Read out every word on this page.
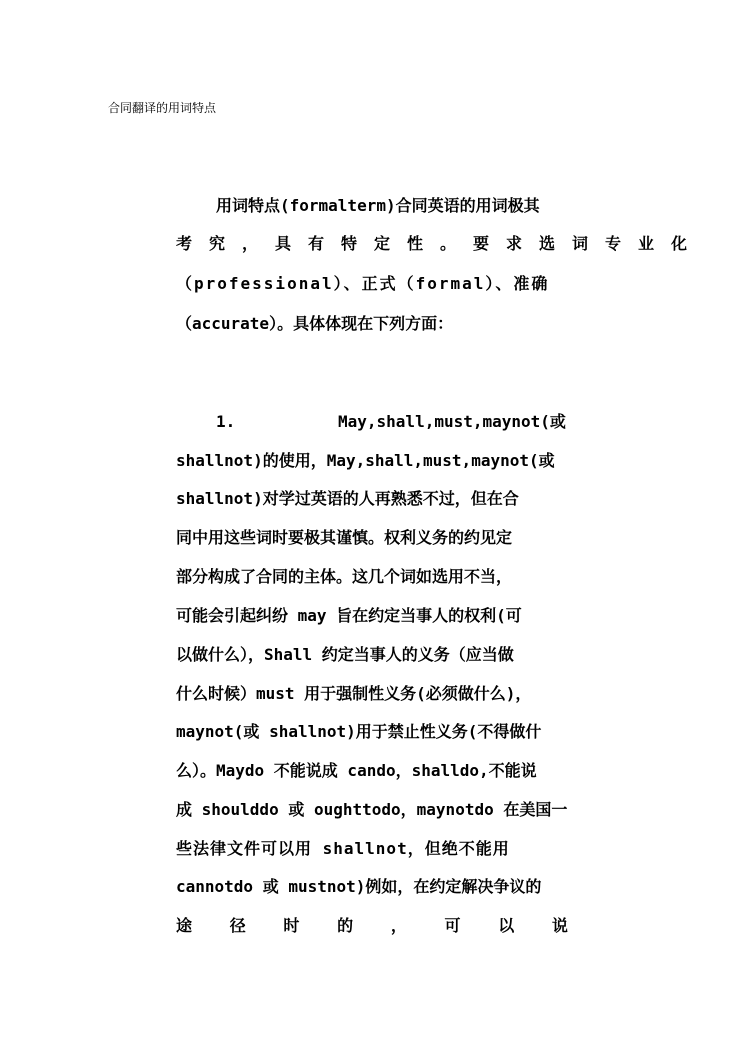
合同翻译的用词特点
用词特点(formalterm)合同英语的用词极其
考究，具有特定性。要求选词专业化
（professional）、正式（formal）、准确
（accurate）。具体体现在下列方面：
1.	May,shall,must,maynot(或
shallnot)的使用，May,shall,must,maynot(或
shallnot)对学过英语的人再熟悉不过，但在合
同中用这些词时要极其谨慎。权利义务的约见定
部分构成了合同的主体。这几个词如选用不当，
可能会引起纠纷 may 旨在约定当事人的权利(可
以做什么），Shall 约定当事人的义务（应当做
什么时候）must 用于强制性义务(必须做什么)，
maynot(或 shallnot)用于禁止性义务(不得做什
么）。Maydo 不能说成 cando，shalldo,不能说
成 shoulddo 或 oughttodo，maynotdo 在美国一
些法律文件可以用 shallnot，但绝不能用
cannotdo 或 mustnot)例如，在约定解决争议的
途 径 时 的 ， 可 以 说
